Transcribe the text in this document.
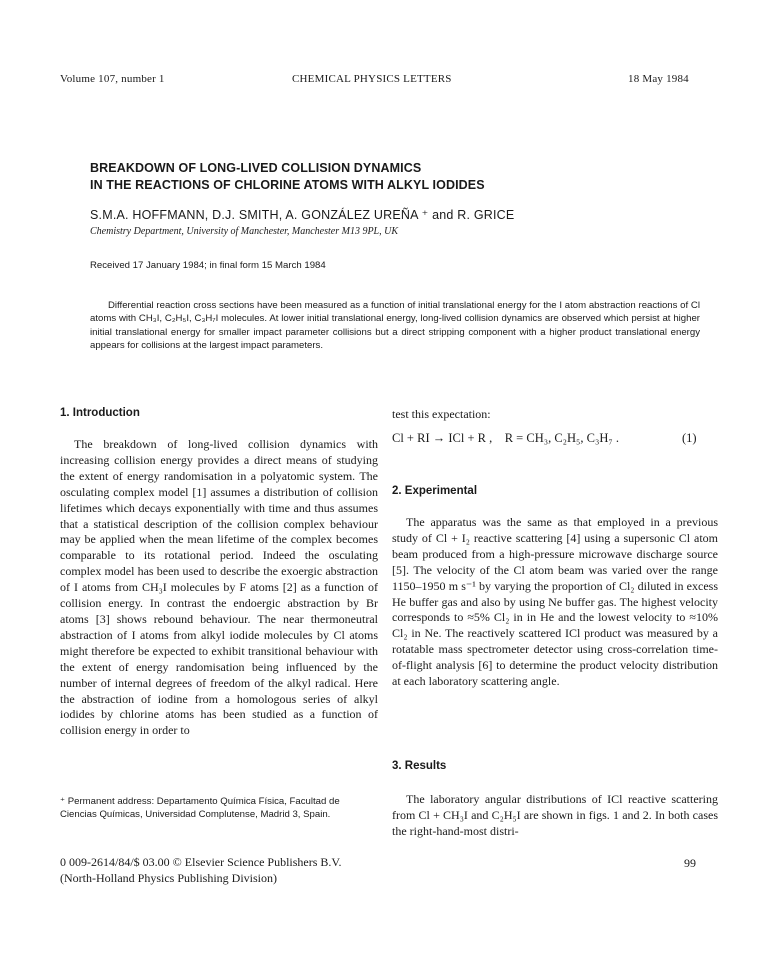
Volume 107, number 1	CHEMICAL PHYSICS LETTERS	18 May 1984
BREAKDOWN OF LONG-LIVED COLLISION DYNAMICS
IN THE REACTIONS OF CHLORINE ATOMS WITH ALKYL IODIDES
S.M.A. HOFFMANN, D.J. SMITH, A. GONZÁLEZ UREÑA ⁺ and R. GRICE
Chemistry Department, University of Manchester, Manchester M13 9PL, UK
Received 17 January 1984; in final form 15 March 1984
Differential reaction cross sections have been measured as a function of initial translational energy for the I atom abstraction reactions of Cl atoms with CH₃I, C₂H₅I, C₃H₇I molecules. At lower initial translational energy, long-lived collision dynamics are observed which persist at higher initial translational energy for smaller impact parameter collisions but a direct stripping component with a higher product translational energy appears for collisions at the largest impact parameters.
1. Introduction
The breakdown of long-lived collision dynamics with increasing collision energy provides a direct means of studying the extent of energy randomisation in a polyatomic system. The osculating complex model [1] assumes a distribution of collision lifetimes which decays exponentially with time and thus assumes that a statistical description of the collision complex behaviour may be applied when the mean lifetime of the complex becomes comparable to its rotational period. Indeed the osculating complex model has been used to describe the exoergic abstraction of I atoms from CH₃I molecules by F atoms [2] as a function of collision energy. In contrast the endoergic abstraction by Br atoms [3] shows rebound behaviour. The near thermoneutral abstraction of I atoms from alkyl iodide molecules by Cl atoms might therefore be expected to exhibit transitional behaviour with the extent of energy randomisation being influenced by the number of internal degrees of freedom of the alkyl radical. Here the abstraction of iodine from a homologous series of alkyl iodides by chlorine atoms has been studied as a function of collision energy in order to
⁺ Permanent address: Departamento Química Física, Facultad de Ciencias Químicas, Universidad Complutense, Madrid 3, Spain.
0 009-2614/84/$ 03.00 © Elsevier Science Publishers B.V.
(North-Holland Physics Publishing Division)
test this expectation:
Cl + RI → ICl + R ,    R = CH₃, C₂H₅, C₃H₇ .	(1)
2. Experimental
The apparatus was the same as that employed in a previous study of Cl + I₂ reactive scattering [4] using a supersonic Cl atom beam produced from a high-pressure microwave discharge source [5]. The velocity of the Cl atom beam was varied over the range 1150–1950 m s⁻¹ by varying the proportion of Cl₂ diluted in excess He buffer gas and also by using Ne buffer gas. The highest velocity corresponds to ≈5% Cl₂ in in He and the lowest velocity to ≈10% Cl₂ in Ne. The reactively scattered ICl product was measured by a rotatable mass spectrometer detector using cross-correlation time-of-flight analysis [6] to determine the product velocity distribution at each laboratory scattering angle.
3. Results
The laboratory angular distributions of ICl reactive scattering from Cl + CH₃I and C₂H₅I are shown in figs. 1 and 2. In both cases the right-hand-most distri-
99
